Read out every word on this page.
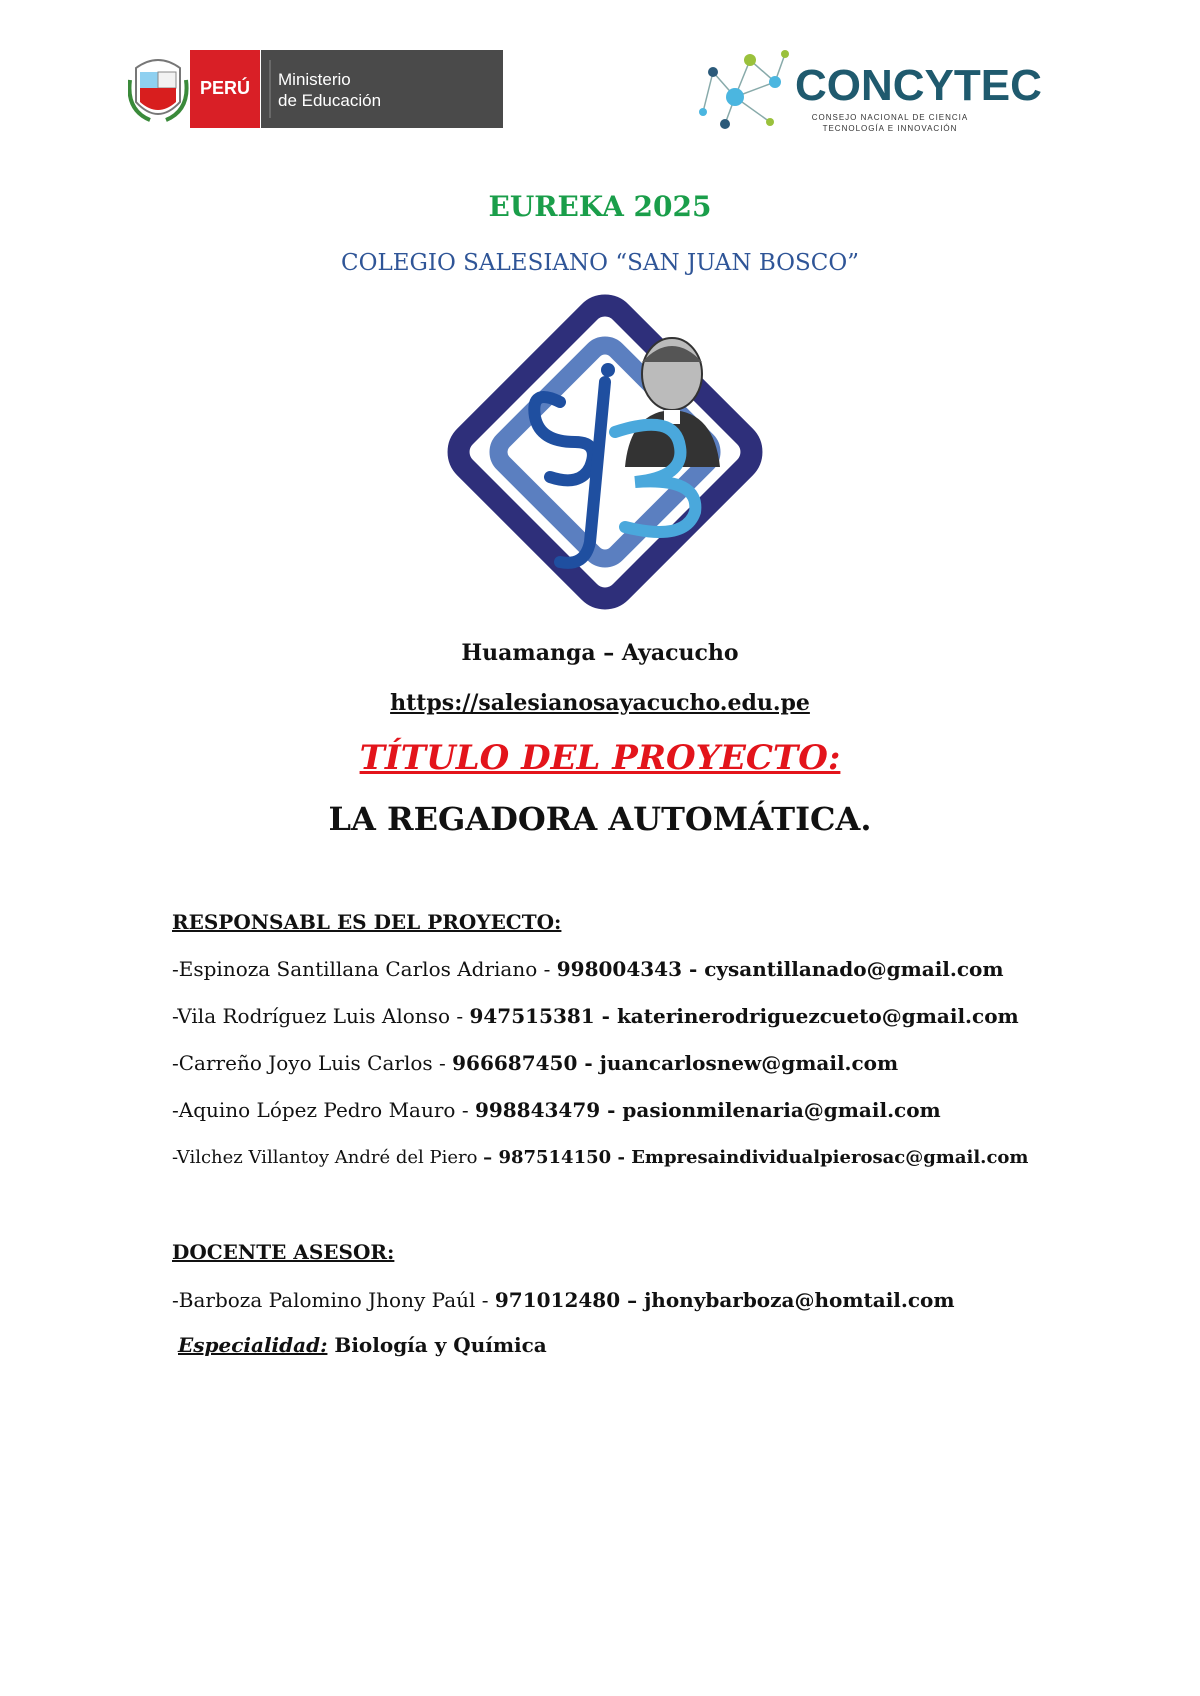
PERÚ Ministerio
de Educación	CONCYTEC
CONSEJO NACIONAL DE CIENCIA
TECNOLOGÍA E INNOVACIÓN
EUREKA 2025
COLEGIO SALESIANO “SAN JUAN BOSCO”
Huamanga – Ayacucho
https://salesianosayacucho.edu.pe
TÍTULO DEL PROYECTO:
LA REGADORA AUTOMÁTICA.
RESPONSABL ES DEL PROYECTO:
-Espinoza Santillana Carlos Adriano - 998004343 - cysantillanado@gmail.com
-Vila Rodríguez Luis Alonso - 947515381 - katerinerodriguezcueto@gmail.com
-Carreño Joyo Luis Carlos - 966687450 - juancarlosnew@gmail.com
-Aquino López Pedro Mauro - 998843479 - pasionmilenaria@gmail.com
-Vilchez Villantoy André del Piero – 987514150 - Empresaindividualpierosac@gmail.com
DOCENTE ASESOR:
-Barboza Palomino Jhony Paúl - 971012480 – jhonybarboza@homtail.com
Especialidad: Biología y Química
